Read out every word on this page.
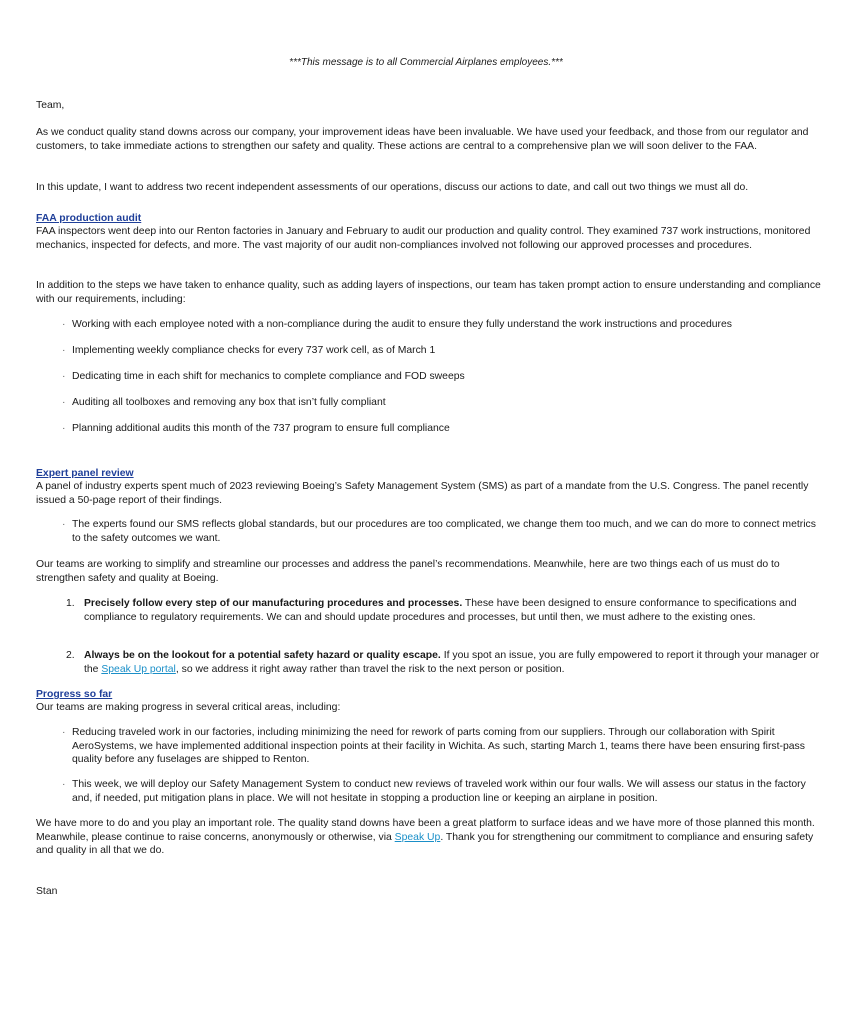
***This message is to all Commercial Airplanes employees.***

Team,

As we conduct quality stand downs across our company, your improvement ideas have been invaluable. We have used your feedback, and those from our regulator and customers, to take immediate actions to strengthen our safety and quality. These actions are central to a comprehensive plan we will soon deliver to the FAA.

In this update, I want to address two recent independent assessments of our operations, discuss our actions to date, and call out two things we must all do.

FAA production audit

FAA inspectors went deep into our Renton factories in January and February to audit our production and quality control. They examined 737 work instructions, monitored mechanics, inspected for defects, and more. The vast majority of our audit non-compliances involved not following our approved processes and procedures.

In addition to the steps we have taken to enhance quality, such as adding layers of inspections, our team has taken prompt action to ensure understanding and compliance with our requirements, including:

· Working with each employee noted with a non-compliance during the audit to ensure they fully understand the work instructions and procedures
· Implementing weekly compliance checks for every 737 work cell, as of March 1
· Dedicating time in each shift for mechanics to complete compliance and FOD sweeps
· Auditing all toolboxes and removing any box that isn’t fully compliant
· Planning additional audits this month of the 737 program to ensure full compliance

Expert panel review

A panel of industry experts spent much of 2023 reviewing Boeing’s Safety Management System (SMS) as part of a mandate from the U.S. Congress. The panel recently issued a 50-page report of their findings.

· The experts found our SMS reflects global standards, but our procedures are too complicated, we change them too much, and we can do more to connect metrics to the safety outcomes we want.

Our teams are working to simplify and streamline our processes and address the panel’s recommendations. Meanwhile, here are two things each of us must do to strengthen safety and quality at Boeing.

1. Precisely follow every step of our manufacturing procedures and processes. These have been designed to ensure conformance to specifications and compliance to regulatory requirements. We can and should update procedures and processes, but until then, we must adhere to the existing ones.
2. Always be on the lookout for a potential safety hazard or quality escape. If you spot an issue, you are fully empowered to report it through your manager or the Speak Up portal, so we address it right away rather than travel the risk to the next person or position.

Progress so far

Our teams are making progress in several critical areas, including:

· Reducing traveled work in our factories, including minimizing the need for rework of parts coming from our suppliers. Through our collaboration with Spirit AeroSystems, we have implemented additional inspection points at their facility in Wichita. As such, starting March 1, teams there have been ensuring first-pass quality before any fuselages are shipped to Renton.
· This week, we will deploy our Safety Management System to conduct new reviews of traveled work within our four walls. We will assess our status in the factory and, if needed, put mitigation plans in place. We will not hesitate in stopping a production line or keeping an airplane in position.

We have more to do and you play an important role. The quality stand downs have been a great platform to surface ideas and we have more of those planned this month. Meanwhile, please continue to raise concerns, anonymously or otherwise, via Speak Up. Thank you for strengthening our commitment to compliance and ensuring safety and quality in all that we do.

Stan
